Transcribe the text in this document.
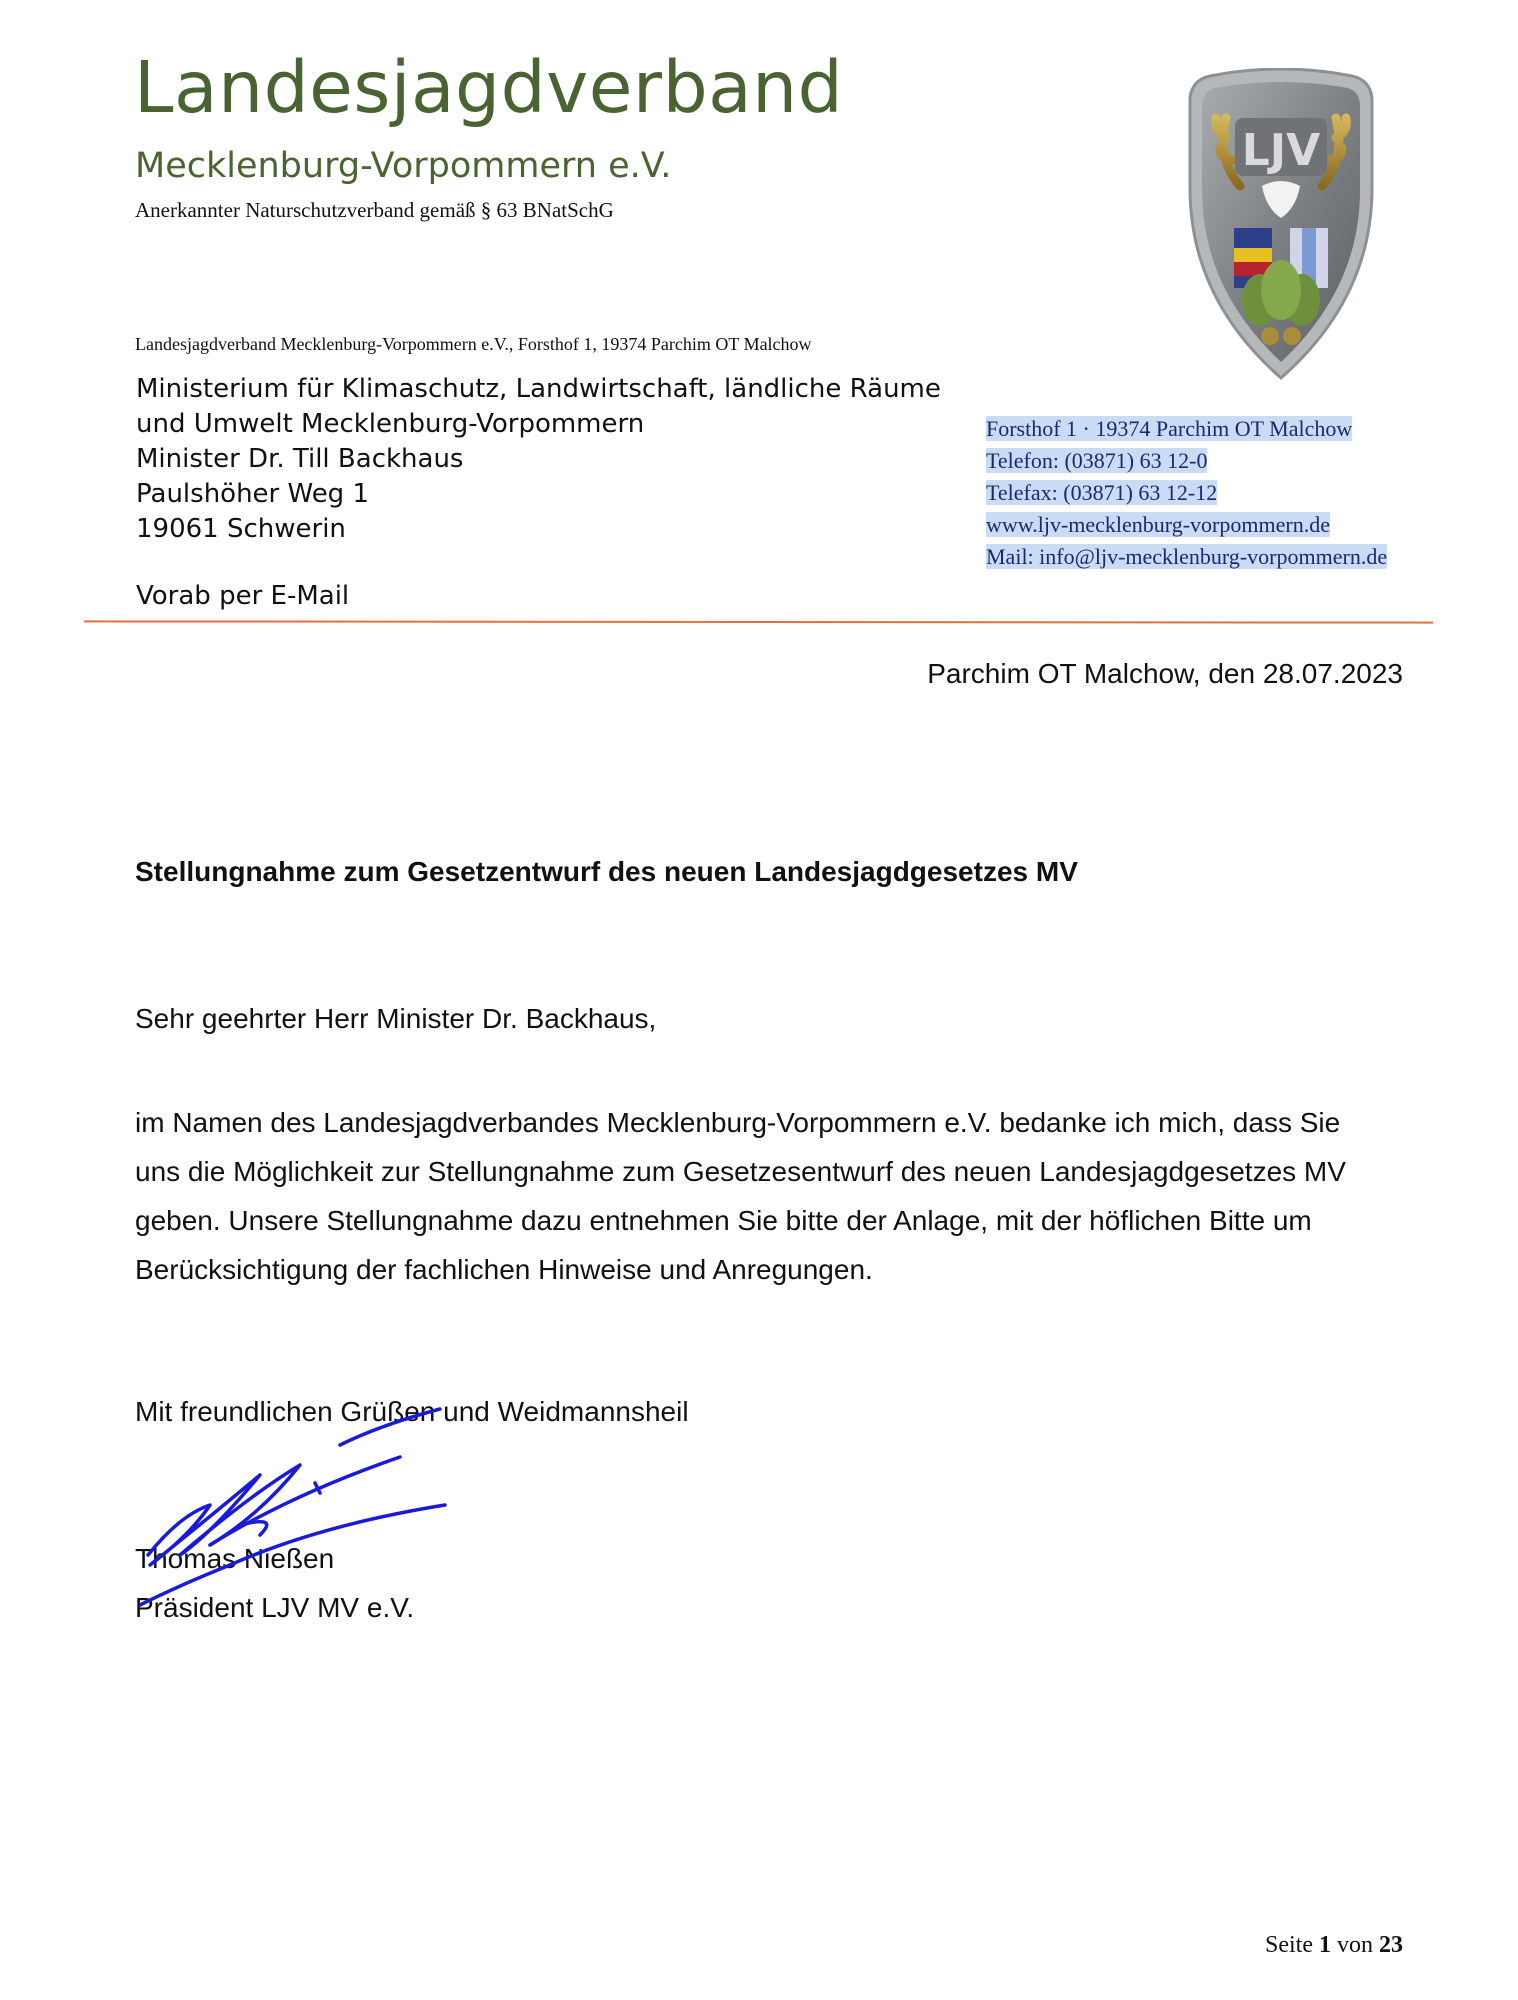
Landesjagdverband
Mecklenburg-Vorpommern e.V.
Anerkannter Naturschutzverband gemäß § 63 BNatSchG
LJV
Landesjagdverband Mecklenburg-Vorpommern e.V., Forsthof 1, 19374 Parchim OT Malchow
Ministerium für Klimaschutz, Landwirtschaft, ländliche Räume
und Umwelt Mecklenburg-Vorpommern
Minister Dr. Till Backhaus
Paulshöher Weg 1
19061 Schwerin
Vorab per E-Mail
Forsthof 1 · 19374 Parchim OT Malchow
Telefon: (03871) 63 12-0
Telefax: (03871) 63 12-12
www.ljv-mecklenburg-vorpommern.de
Mail: info@ljv-mecklenburg-vorpommern.de
Parchim OT Malchow, den 28.07.2023
Stellungnahme zum Gesetzentwurf des neuen Landesjagdgesetzes MV
Sehr geehrter Herr Minister Dr. Backhaus,
im Namen des Landesjagdverbandes Mecklenburg-Vorpommern e.V. bedanke ich mich, dass Sie
uns die Möglichkeit zur Stellungnahme zum Gesetzesentwurf des neuen Landesjagdgesetzes MV
geben. Unsere Stellungnahme dazu entnehmen Sie bitte der Anlage, mit der höflichen Bitte um
Berücksichtigung der fachlichen Hinweise und Anregungen.
Mit freundlichen Grüßen und Weidmannsheil
Thomas Nießen
Präsident LJV MV e.V.
Seite 1 von 23
